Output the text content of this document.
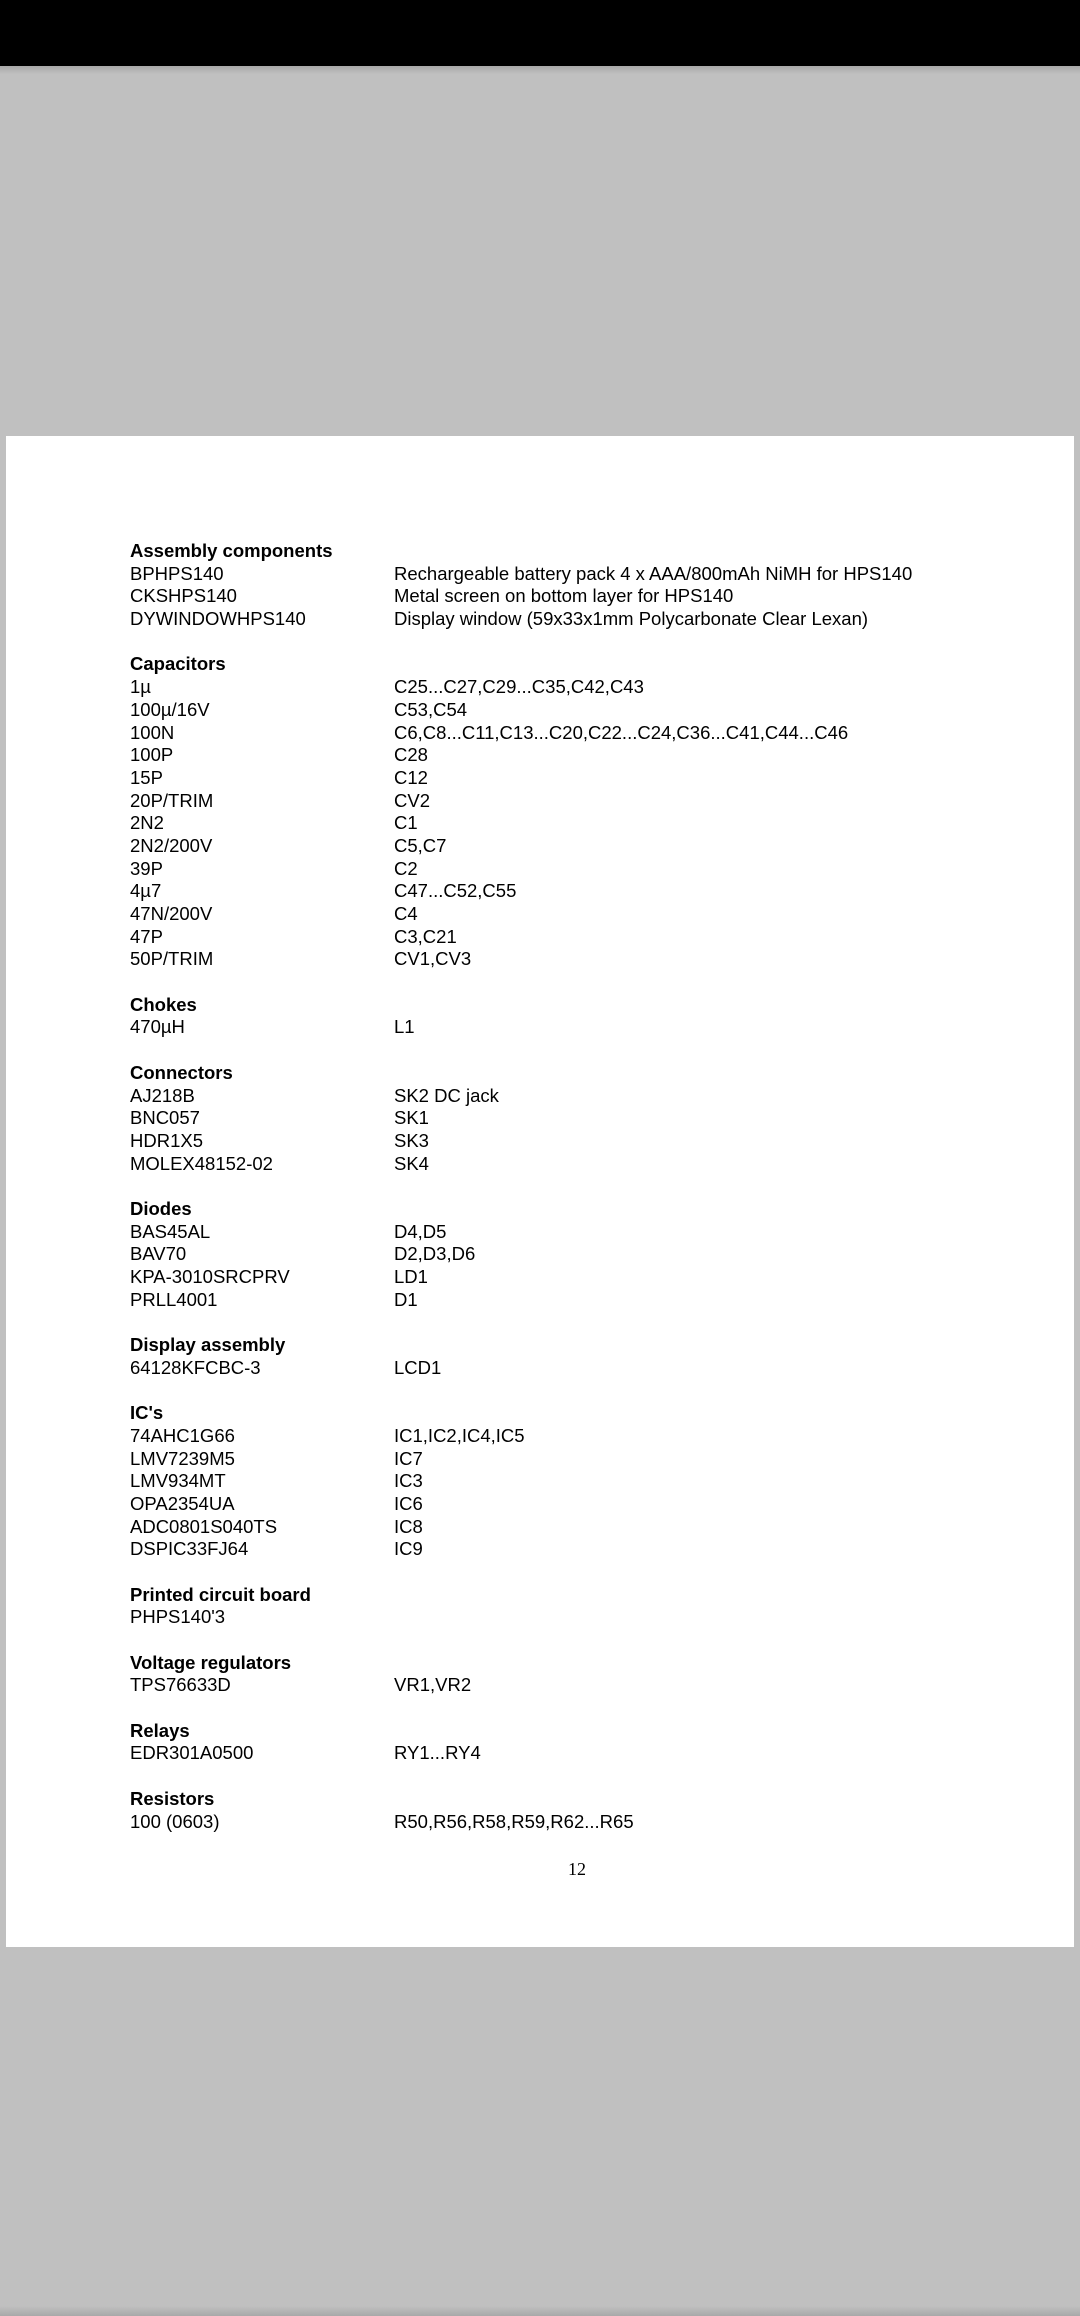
Assembly components
BPHPS140	Rechargeable battery pack 4 x AAA/800mAh NiMH for HPS140
CKSHPS140	Metal screen on bottom layer for HPS140
DYWINDOWHPS140	Display window (59x33x1mm Polycarbonate Clear Lexan)
Capacitors
1µ	C25...C27,C29...C35,C42,C43
100µ/16V	C53,C54
100N	C6,C8...C11,C13...C20,C22...C24,C36...C41,C44...C46
100P	C28
15P	C12
20P/TRIM	CV2
2N2	C1
2N2/200V	C5,C7
39P	C2
4µ7	C47...C52,C55
47N/200V	C4
47P	C3,C21
50P/TRIM	CV1,CV3
Chokes
470µH	L1
Connectors
AJ218B	SK2 DC jack
BNC057	SK1
HDR1X5	SK3
MOLEX48152-02	SK4
Diodes
BAS45AL	D4,D5
BAV70	D2,D3,D6
KPA-3010SRCPRV	LD1
PRLL4001	D1
Display assembly
64128KFCBC-3	LCD1
IC's
74AHC1G66	IC1,IC2,IC4,IC5
LMV7239M5	IC7
LMV934MT	IC3
OPA2354UA	IC6
ADC0801S040TS	IC8
DSPIC33FJ64	IC9
Printed circuit board
PHPS140'3
Voltage regulators
TPS76633D	VR1,VR2
Relays
EDR301A0500	RY1...RY4
Resistors
100 (0603)	R50,R56,R58,R59,R62...R65
12
